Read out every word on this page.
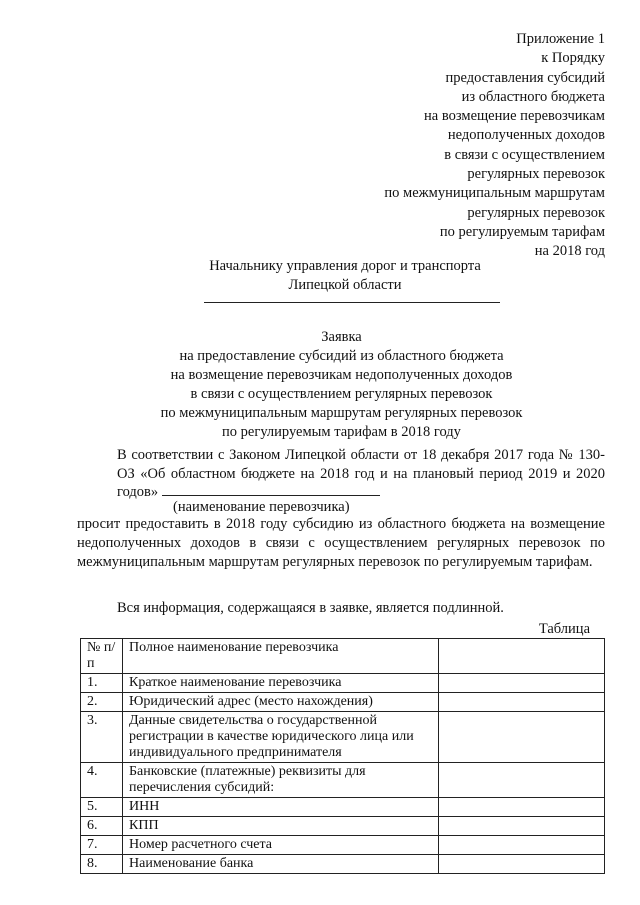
Приложение 1
к Порядку
предоставления субсидий
из областного бюджета
на возмещение перевозчикам
недополученных доходов
в связи с осуществлением
регулярных перевозок
по межмуниципальным маршрутам
регулярных перевозок
по регулируемым тарифам
на 2018 год
Начальнику управления дорог и транспорта
Липецкой области
Заявка
на предоставление субсидий из областного бюджета
на возмещение перевозчикам недополученных доходов
в связи с осуществлением регулярных перевозок
по межмуниципальным маршрутам регулярных перевозок
по регулируемым тарифам в 2018 году

В соответствии с Законом Липецкой области от 18 декабря 2017 года № 130-ОЗ «Об областном бюджете на 2018 год и на плановый период 2019 и 2020 годов»

(наименование перевозчика)
просит предоставить в 2018 году субсидию из областного бюджета на возмещение недополученных доходов в связи с осуществлением регулярных перевозок по межмуниципальным маршрутам регулярных перевозок по регулируемым тарифам.
Вся информация, содержащаяся в заявке, является подлинной.
Таблица
№ п/п	Полное наименование перевозчика	
1.	Краткое наименование перевозчика	
2.	Юридический адрес (место нахождения)	
3.	Данные свидетельства о государственной регистрации в качестве юридического лица или индивидуального предпринимателя	
4.	Банковские (платежные) реквизиты для перечисления субсидий:	
5.	ИНН	
6.	КПП	
7.	Номер расчетного счета	
8.	Наименование банка	
